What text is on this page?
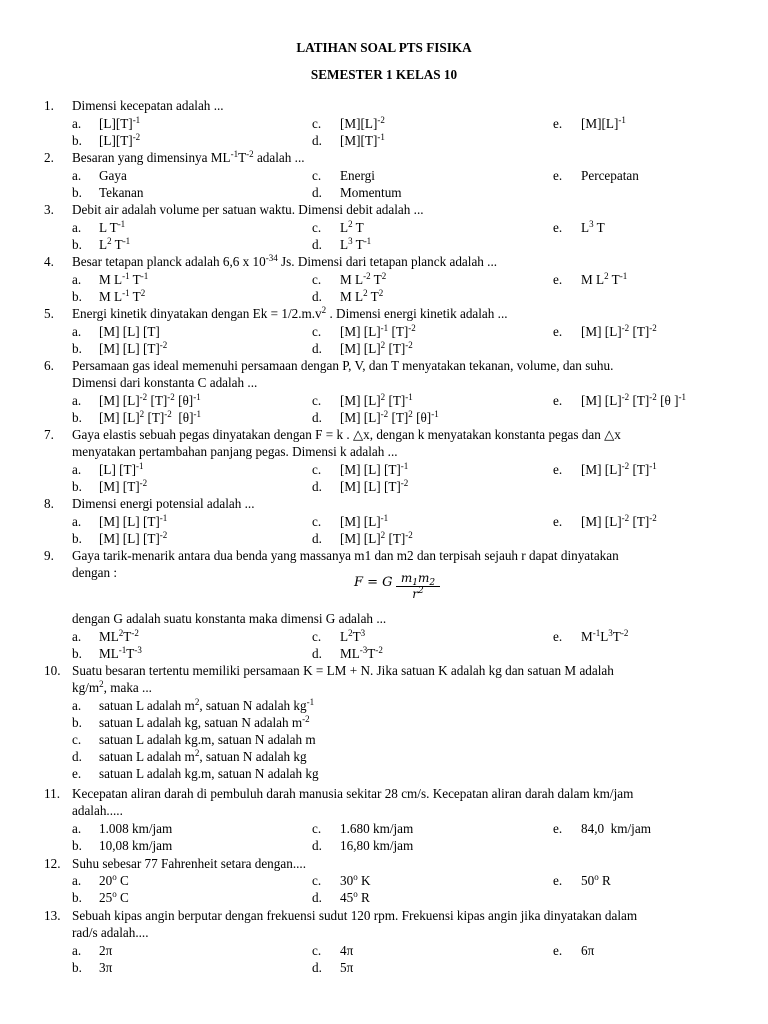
LATIHAN SOAL PTS FISIKA
SEMESTER 1 KELAS 10
1. Dimensi kecepatan adalah ...
a. $[L][T]^{-1}$	c. $[M][L]^{-2}$	e. $[M][L]^{-1}$
b. $[L][T]^{-2}$	d. $[M][T]^{-1}$
2. Besaran yang dimensinya $ML^{-1}T^{-2}$ adalah ...
a. Gaya	c. Energi	e. Percepatan
b. Tekanan	d. Momentum
3. Debit air adalah volume per satuan waktu. Dimensi debit adalah ...
a. L $T^{-1}$	c. $L^2$ T	e. $L^3$ T
b. $L^2$ $T^{-1}$	d. $L^3$ $T^{-1}$
4. Besar tetapan planck adalah 6,6 x $10^{-34}$ Js. Dimensi dari tetapan planck adalah ...
a. M $L^{-1}$ $T^{-1}$	c. M $L^{-2}$ $T^2$	e. M $L^2$ $T^{-1}$
b. M $L^{-1}$ $T^2$	d. M $L^2$ $T^2$
5. Energi kinetik dinyatakan dengan $Ek = 1/2.m.v^2$ . Dimensi energi kinetik adalah ...
a. [M] [L] [T]	c. [M] $[L]^{-1}$ $[T]^{-2}$	e. [M] $[L]^{-2}$ $[T]^{-2}$
b. [M] [L] $[T]^{-2}$	d. [M] $[L]^2$ $[T]^{-2}$
6. Persamaan gas ideal memenuhi persamaan dengan P, V, dan T menyatakan tekanan, volume, dan suhu.
Dimensi dari konstanta C adalah ...
a. [M] $[L]^{-2}$ $[T]^{-2}$ $[\theta]^{-1}$	c. [M] $[L]^2$ $[T]^{-1}$	e. [M] $[L]^{-2}$ $[T]^{-2}$ [θ ]$^{-1}$
b. [M] $[L]^2$ $[T]^{-2}$  $[\theta]^{-1}$	d. [M] $[L]^{-2}$ $[T]^2$ $[\theta]^{-1}$
7. Gaya elastis sebuah pegas dinyatakan dengan F = k . △x, dengan k menyatakan konstanta pegas dan △x
menyatakan pertambahan panjang pegas. Dimensi k adalah ...
a. [L] $[T]^{-1}$	c. [M] [L] $[T]^{-1}$	e. [M] $[L]^{-2}$ $[T]^{-1}$
b. [M] $[T]^{-2}$	d. [M] [L] $[T]^{-2}$
8. Dimensi energi potensial adalah ...
a. [M] [L] $[T]^{-1}$	c. [M] $[L]^{-1}$	e. [M] $[L]^{-2}$ $[T]^{-2}$
b. [M] [L] $[T]^{-2}$	d. [M] $[L]^2$ $[T]^{-2}$
9. Gaya tarik-menarik antara dua benda yang massanya m1 dan m2 dan terpisah sejauh r dapat dinyatakan
dengan :
dengan G adalah suatu konstanta maka dimensi G adalah ...
a. $ML^2T^{-2}$	c. $L^2T^3$	e. $M^{-1}L^3T^{-2}$
b. $ML^{-1}T^{-3}$	d. $ML^{-3}T^{-2}$
10. Suatu besaran tertentu memiliki persamaan K = LM + N. Jika satuan K adalah kg dan satuan M adalah
$kg/m^2$, maka ...
a. satuan L adalah $m^2$, satuan N adalah $kg^{-1}$
b. satuan L adalah kg, satuan N adalah $m^{-2}$
c. satuan L adalah kg.m, satuan N adalah m
d. satuan L adalah $m^2$, satuan N adalah kg
e. satuan L adalah kg.m, satuan N adalah kg
11. Kecepatan aliran darah di pembuluh darah manusia sekitar 28 cm/s. Kecepatan aliran darah dalam km/jam
adalah.....
a. 1.008 km/jam	c. 1.680 km/jam	e. 84,0  km/jam
b. 10,08 km/jam	d. 16,80 km/jam
12. Suhu sebesar 77 Fahrenheit setara dengan....
a. 20$^o$ C	c. 30$^o$ K	e. 50$^o$ R
b. 25$^o$ C	d. 45$^o$ R
13. Sebuah kipas angin berputar dengan frekuensi sudut 120 rpm. Frekuensi kipas angin jika dinyatakan dalam
rad/s adalah....
a. 2π	c. 4π	e. 6π
b. 3π	d. 5π
F = G $\frac{m_1m_2}{r^2}$
